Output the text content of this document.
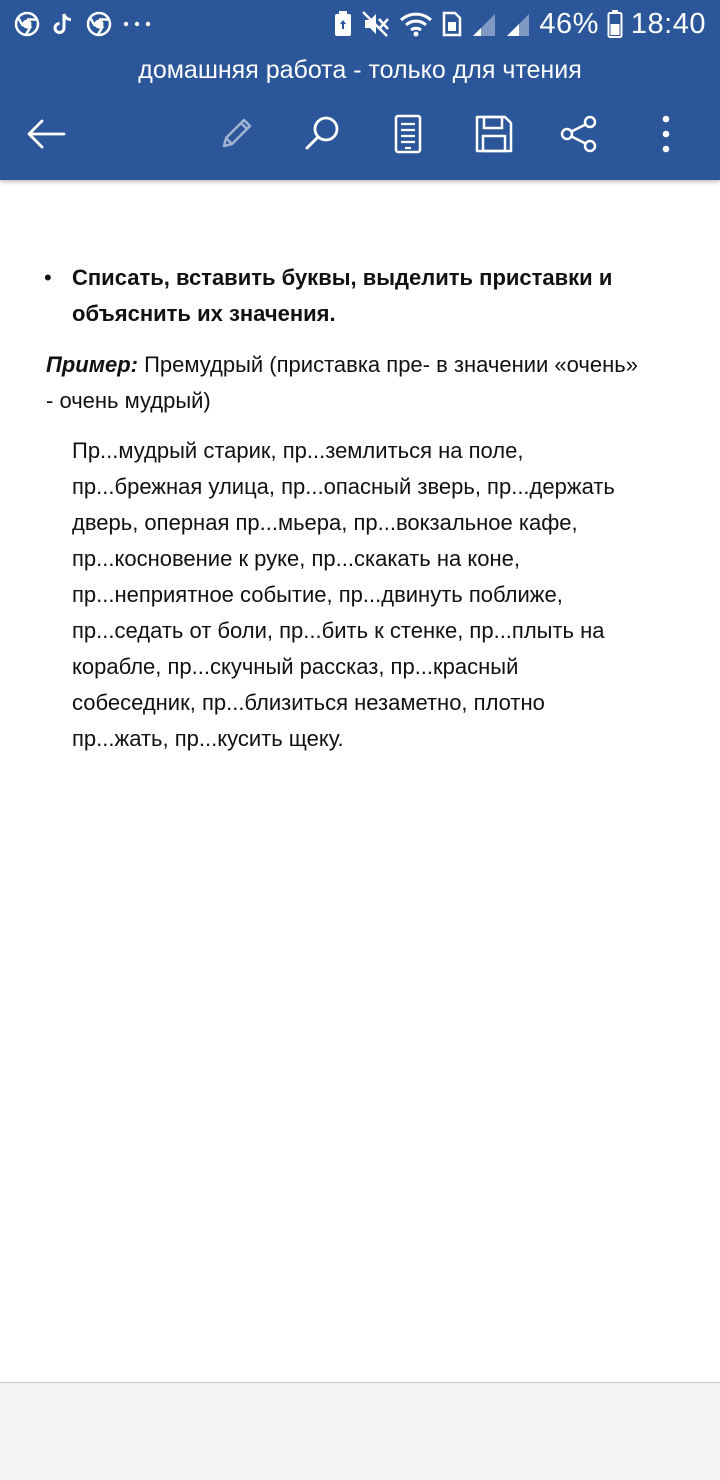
46% 18:40
домашняя работа - только для чтения
• Списать, вставить буквы, выделить приставки и
объяснить их значения.
Пример: Премудрый (приставка пре- в значении «очень»
- очень мудрый)
Пр...мудрый старик, пр...землиться на поле,
пр...брежная улица, пр...опасный зверь, пр...держать
дверь, оперная пр...мьера, пр...вокзальное кафе,
пр...косновение к руке, пр...скакать на коне,
пр...неприятное событие, пр...двинуть поближе,
пр...седать от боли, пр...бить к стенке, пр...плыть на
корабле, пр...скучный рассказ, пр...красный
собеседник, пр...близиться незаметно, плотно
пр...жать, пр...кусить щеку.
